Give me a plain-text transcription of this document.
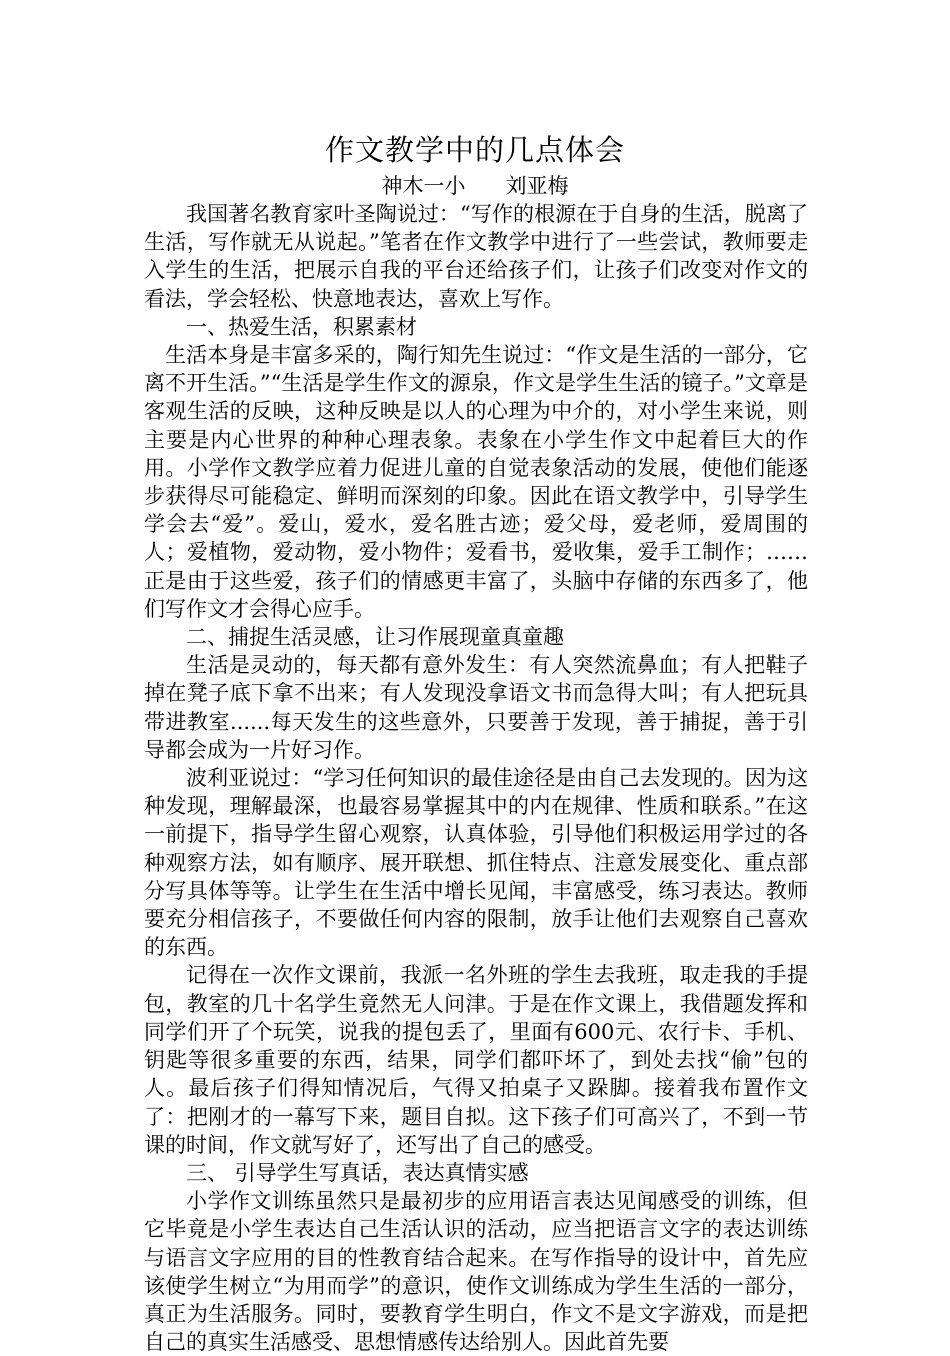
作文教学中的几点体会
神木一小 刘亚梅

我国著名教育家叶圣陶说过：“写作的根源在于自身的生活，脱离了生活，写作就无从说起。”笔者在作文教学中进行了一些尝试，教师要走入学生的生活，把展示自我的平台还给孩子们，让孩子们改变对作文的看法，学会轻松、快意地表达，喜欢上写作。

一、热爱生活，积累素材

生活本身是丰富多采的，陶行知先生说过：“作文是生活的一部分，它离不开生活。”“生活是学生作文的源泉，作文是学生生活的镜子。”文章是客观生活的反映，这种反映是以人的心理为中介的，对小学生来说，则主要是内心世界的种种心理表象。表象在小学生作文中起着巨大的作用。小学作文教学应着力促进儿童的自觉表象活动的发展，使他们能逐步获得尽可能稳定、鲜明而深刻的印象。因此在语文教学中，引导学生学会去“爱”。爱山，爱水，爱名胜古迹；爱父母，爱老师，爱周围的人；爱植物，爱动物，爱小物件；爱看书，爱收集，爱手工制作；……正是由于这些爱，孩子们的情感更丰富了，头脑中存储的东西多了，他们写作文才会得心应手。

二、捕捉生活灵感，让习作展现童真童趣

生活是灵动的，每天都有意外发生：有人突然流鼻血；有人把鞋子掉在凳子底下拿不出来；有人发现没拿语文书而急得大叫；有人把玩具带进教室......每天发生的这些意外，只要善于发现，善于捕捉，善于引导都会成为一片好习作。

波利亚说过：“学习任何知识的最佳途径是由自己去发现的。因为这种发现，理解最深，也最容易掌握其中的内在规律、性质和联系。”在这一前提下，指导学生留心观察，认真体验，引导他们积极运用学过的各种观察方法，如有顺序、展开联想、抓住特点、注意发展变化、重点部分写具体等等。让学生在生活中增长见闻，丰富感受，练习表达。教师要充分相信孩子，不要做任何内容的限制，放手让他们去观察自己喜欢的东西。

记得在一次作文课前，我派一名外班的学生去我班，取走我的手提包，教室的几十名学生竟然无人问津。于是在作文课上，我借题发挥和同学们开了个玩笑，说我的提包丢了，里面有600元、农行卡、手机、钥匙等很多重要的东西，结果，同学们都吓坏了，到处去找“偷”包的人。最后孩子们得知情况后，气得又拍桌子又跺脚。接着我布置作文了：把刚才的一幕写下来，题目自拟。这下孩子们可高兴了，不到一节课的时间，作文就写好了，还写出了自己的感受。

三、 引导学生写真话，表达真情实感

小学作文训练虽然只是最初步的应用语言表达见闻感受的训练，但它毕竟是小学生表达自己生活认识的活动，应当把语言文字的表达训练与语言文字应用的目的性教育结合起来。在写作指导的设计中，首先应该使学生树立“为用而学”的意识，使作文训练成为学生生活的一部分，真正为生活服务。同时，要教育学生明白，作文不是文字游戏，而是把自己的真实生活感受、思想情感传达给别人。因此首先要
